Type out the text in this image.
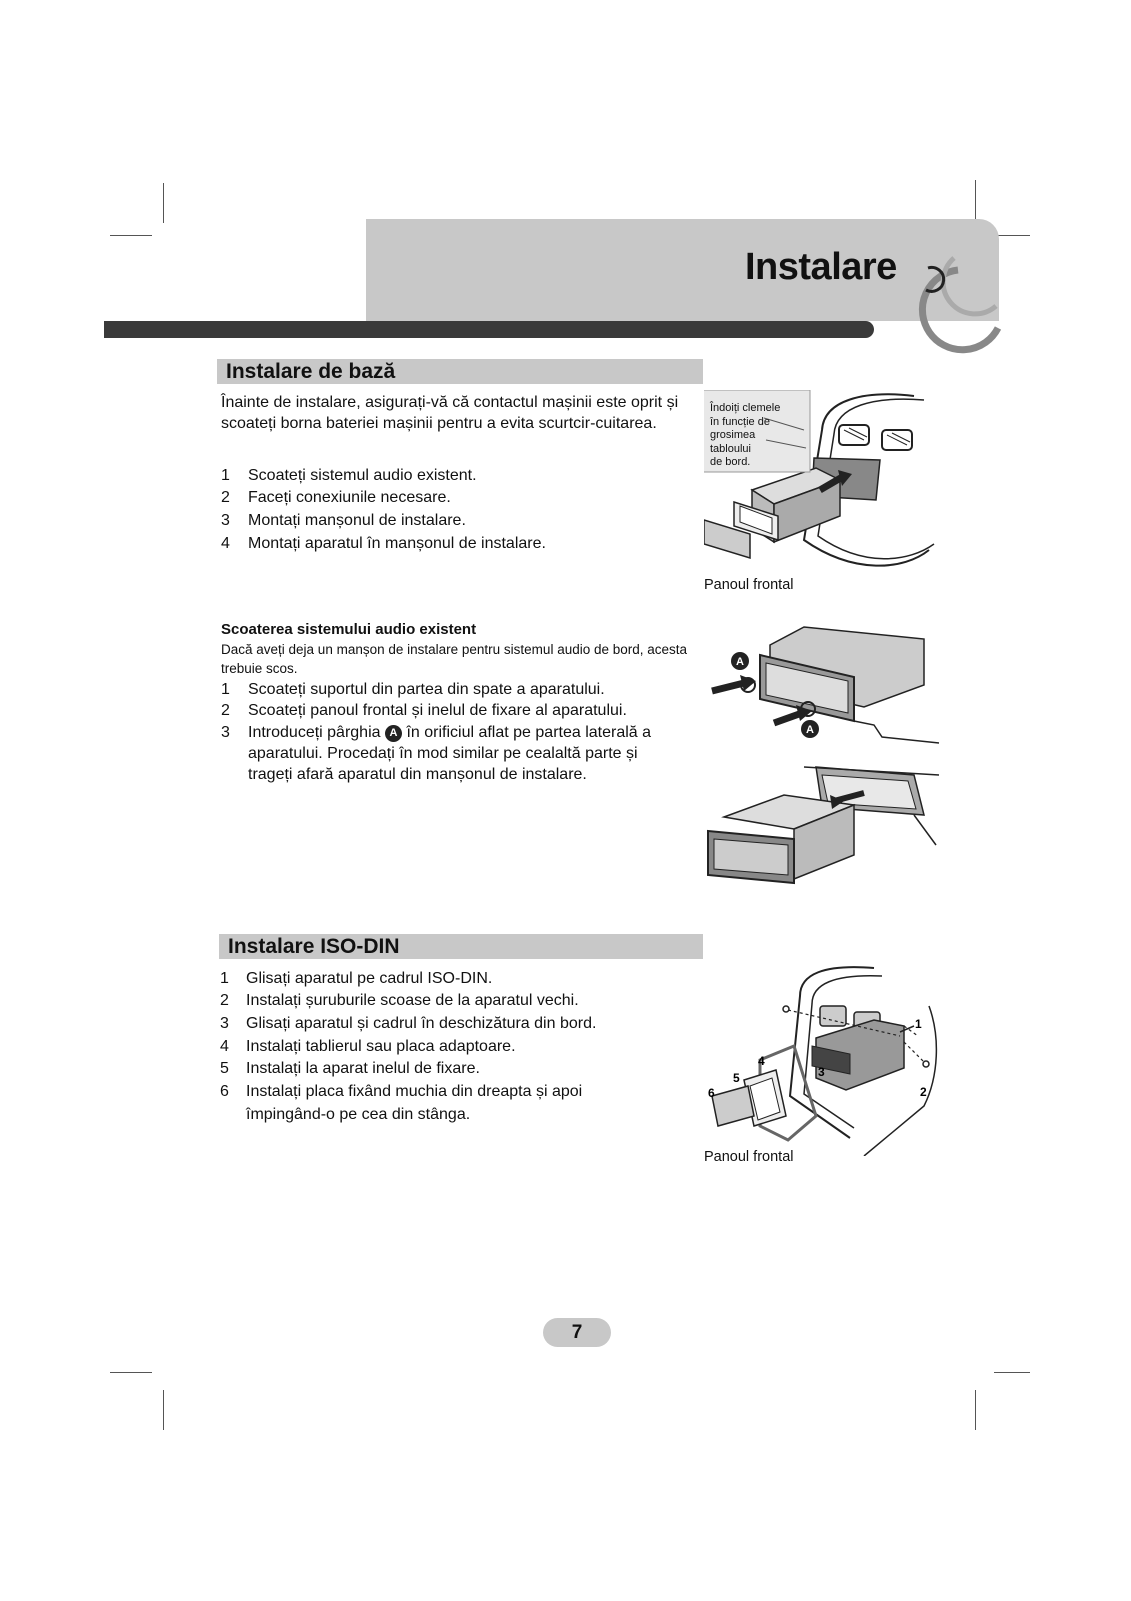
Instalare
Instalare de bază
Înainte de instalare, asigurați-vă că contactul mașinii este oprit și scoateți borna bateriei mașinii pentru a evita scurtcir-cuitarea.
1 Scoateți sistemul audio existent.
2 Faceți conexiunile necesare.
3 Montați manșonul de instalare.
4 Montați aparatul în manșonul de instalare.
Îndoiți clemele
în funcție de
grosimea
tabloului
de bord.
Panoul frontal
Scoaterea sistemului audio existent
Dacă aveți deja un manșon de instalare pentru sistemul audio de bord, acesta trebuie scos.
1 Scoateți suportul din partea din spate a aparatului.
2 Scoateți panoul frontal și inelul de fixare al aparatului.
3 Introduceți pârghia A în orificiul aflat pe partea laterală a
aparatului. Procedați în mod similar pe cealaltă parte și
trageți afară aparatul din manșonul de instalare.
A
A
Instalare ISO-DIN
1 Glisați aparatul pe cadrul ISO-DIN.
2 Instalați șuruburile scoase de la aparatul vechi.
3 Glisați aparatul și cadrul în deschizătura din bord.
4 Instalați tablierul sau placa adaptoare.
5 Instalați la aparat inelul de fixare.
6 Instalați placa fixând muchia din dreapta și apoi
împingând-o pe cea din stânga.
1
2
3
4
5
6
Panoul frontal
7
